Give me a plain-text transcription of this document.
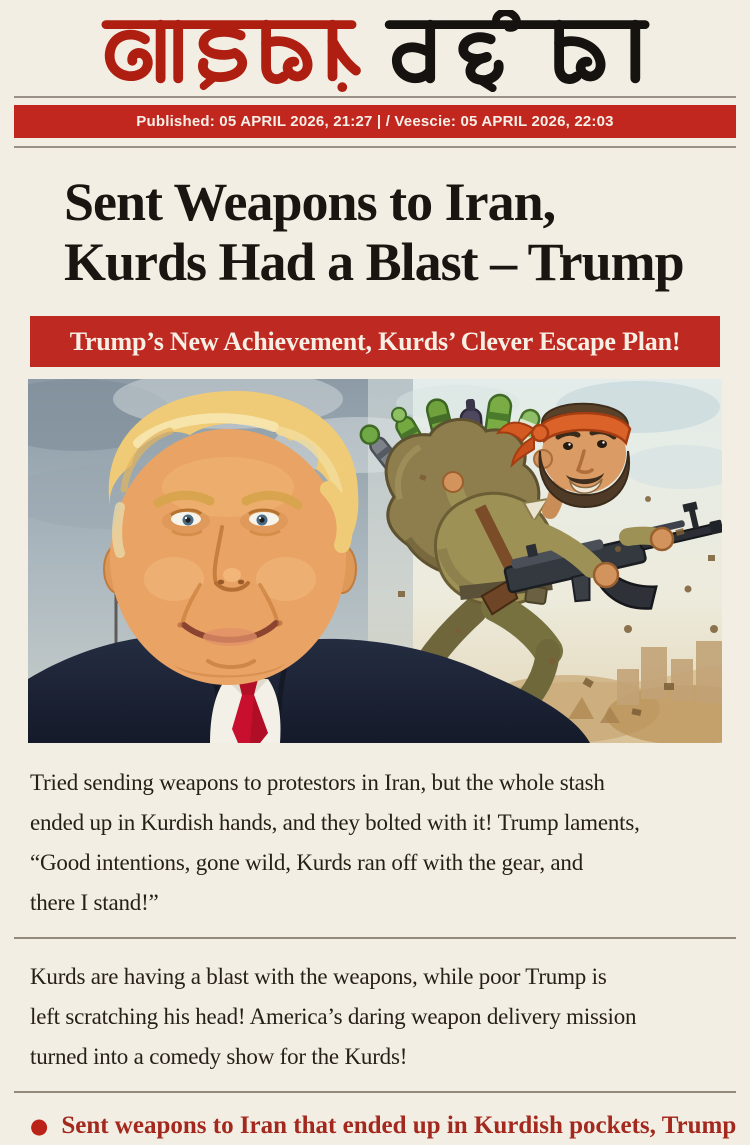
Published: 05 APRIL 2026, 21:27 | / Veescie: 05 APRIL 2026, 22:03
Sent Weapons to Iran,
Kurds Had a Blast – Trump
Trump’s New Achievement, Kurds’ Clever Escape Plan!

Tried sending weapons to protestors in Iran, but the whole stash
ended up in Kurdish hands, and they bolted with it! Trump laments,
“Good intentions, gone wild, Kurds ran off with the gear, and
there I stand!”

Kurds are having a blast with the weapons, while poor Trump is
left scratching his head! America’s daring weapon delivery mission
turned into a comedy show for the Kurds!

● Sent weapons to Iran that ended up in Kurdish pockets, Trump
